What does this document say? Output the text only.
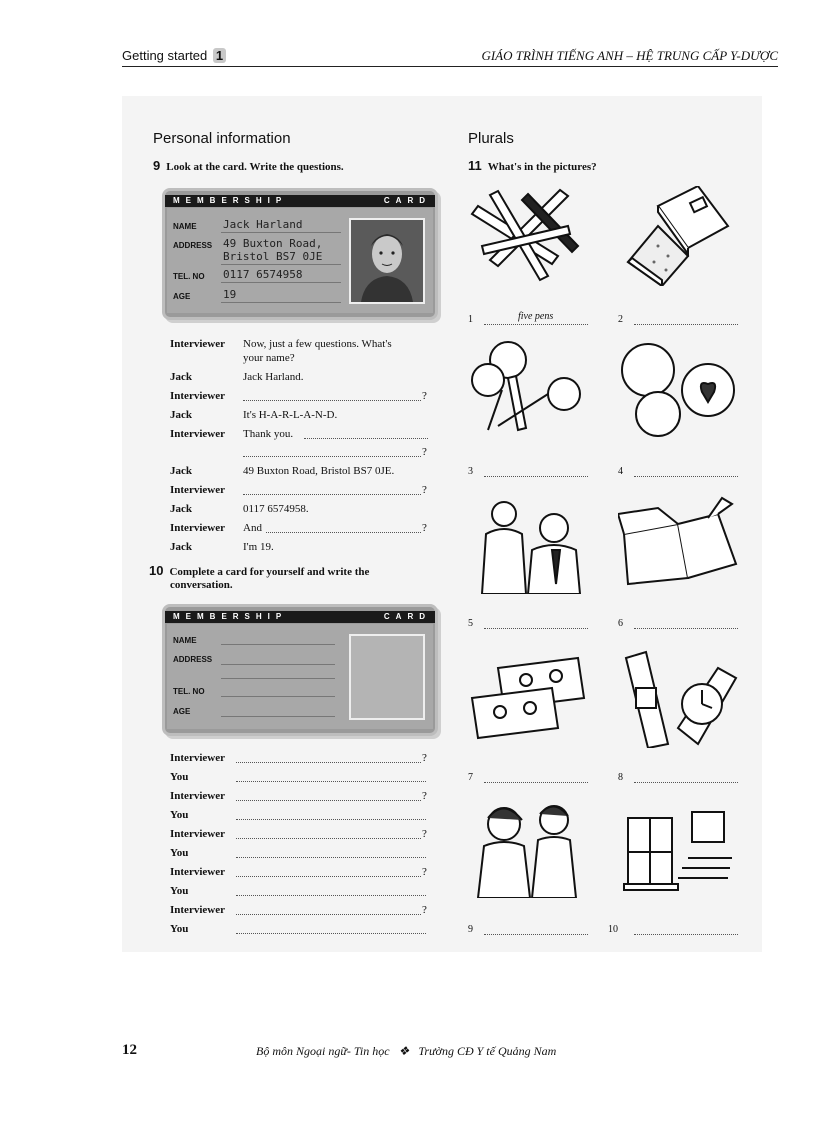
Getting started 1	GIÁO TRÌNH TIẾNG ANH – HỆ TRUNG CẤP Y-DƯỢC
Personal information
9 Look at the card. Write the questions.
MEMBERSHIP	CARD
NAME Jack Harland
ADDRESS 49 Buxton Road,
Bristol BS7 0JE
TEL. NO 0117 6574958
AGE	19
Interviewer Now, just a few questions. What's
your name?
Jack	Jack Harland.
Interviewer	?
Jack	It's H-A-R-L-A-N-D.
Interviewer Thank you.
?
Jack	49 Buxton Road, Bristol BS7 0JE.
Interviewer	?
Jack	0117 6574958.
Interviewer And	?
Jack	I'm 19.
10 Complete a card for yourself and write the
conversation.
MEMBERSHIP	CARD
NAME
ADDRESS
TEL. NO
AGE
Interviewer	?
You
Interviewer	?
You
Interviewer	?
You
Interviewer	?
You
Interviewer	?
You
Plurals
11 What's in the pictures?
1	five pens	2
3	4
5	6
7	8
9	10
12	Bộ môn Ngoại ngữ- Tin học ❖ Trường CĐ Y tế Quảng Nam
